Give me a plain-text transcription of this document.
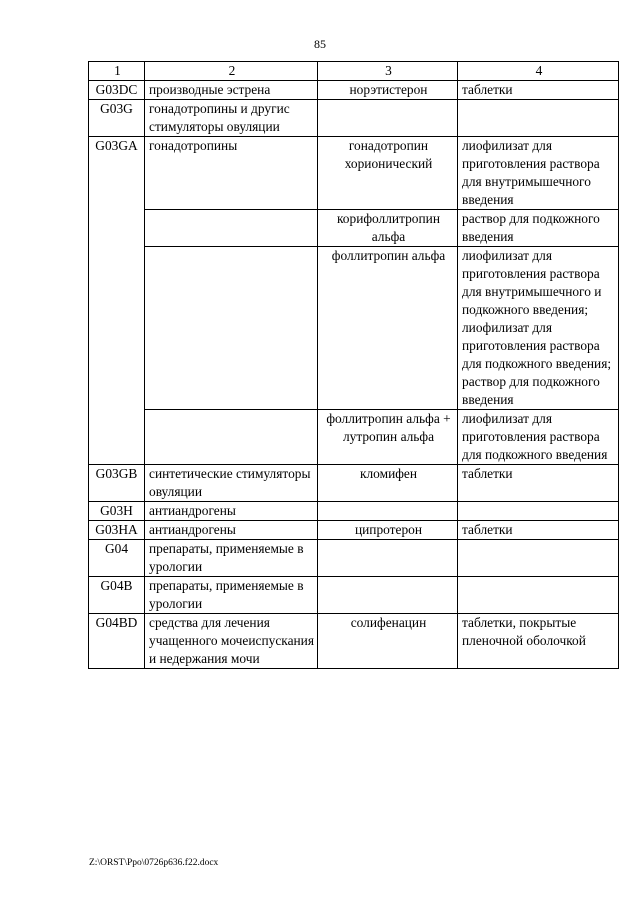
85
1	2	3	4
G03DC	производные эстрена	норэтистерон	таблетки
G03G	гонадотропины и другис стимуляторы овуляции		
G03GA	гонадотропины	гонадотропин хорионический	лиофилизат для приготовления раствора для внутримышечного введения
		корифоллитропин альфа	раствор для подкожного введения
		фоллитропин альфа	лиофилизат для приготовления раствора для внутримышечного и подкожного введения; лиофилизат для приготовления раствора для подкожного введения; раствор для подкожного введения
		фоллитропин альфа + лутропин альфа	лиофилизат для приготовления раствора для подкожного введения
G03GB	синтетические стимуляторы овуляции	кломифен	таблетки
G03H	антиандрогены		
G03HA	антиандрогены	ципротерон	таблетки
G04	препараты, применяемые в урологии		
G04B	препараты, применяемые в урологии		
G04BD	средства для лечения учащенного мочеиспускания и недержания мочи	солифенацин	таблетки, покрытые пленочной оболочкой
Z:\ORST\Ppo\0726p636.f22.docx
